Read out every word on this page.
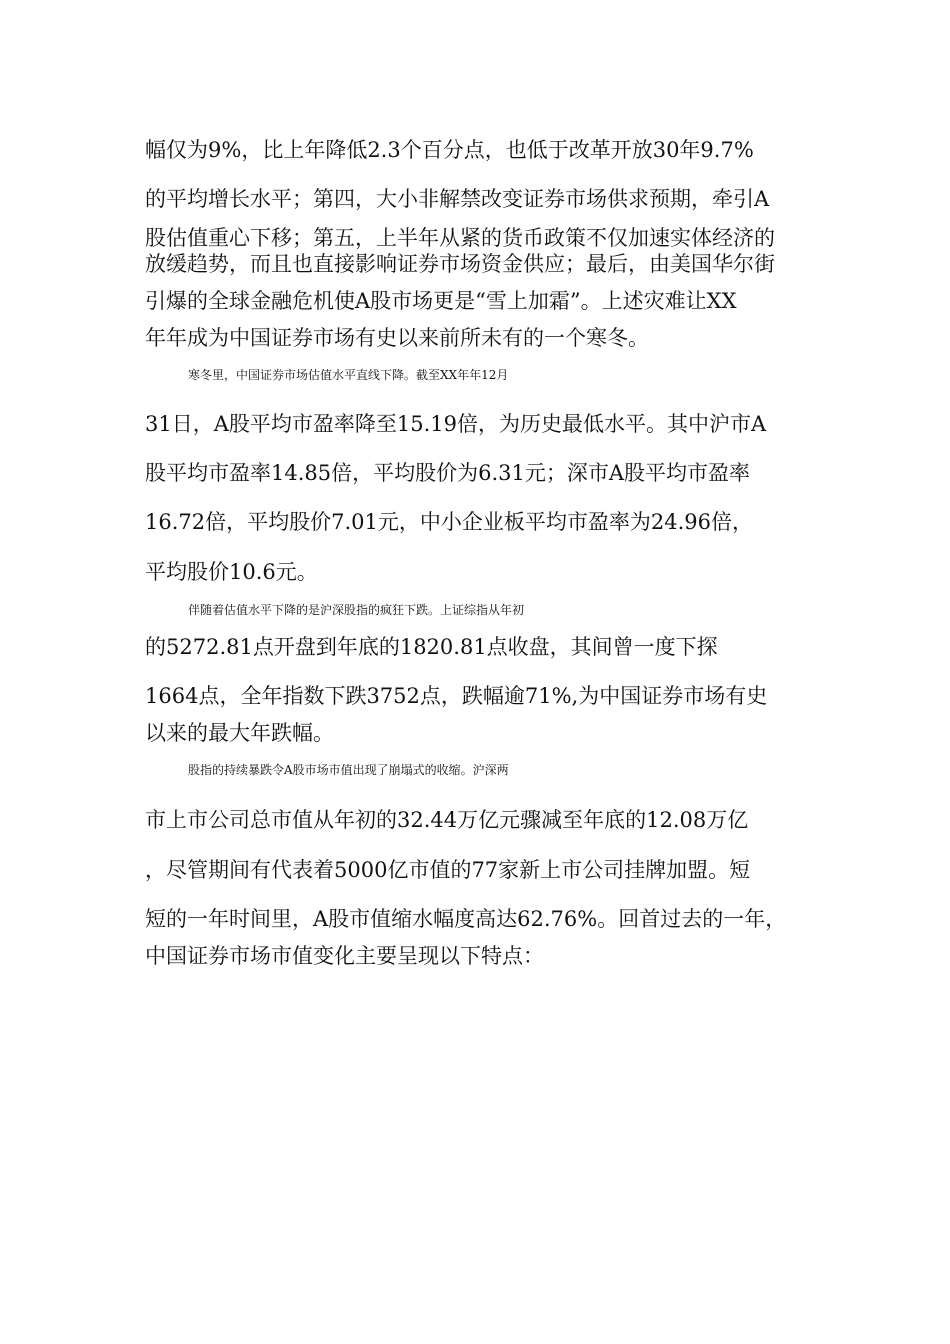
幅仅为9%，比上年降低2.3个百分点，也低于改革开放30年9.7%
的平均增长水平；第四，大小非解禁改变证券市场供求预期，牵引A
股估值重心下移；第五，上半年从紧的货币政策不仅加速实体经济的
放缓趋势，而且也直接影响证券市场资金供应；最后，由美国华尔街
引爆的全球金融危机使A股市场更是“雪上加霜”。上述灾难让XX
年年成为中国证券市场有史以来前所未有的一个寒冬。
寒冬里，中国证券市场估值水平直线下降。截至XX年年12月
31日，A股平均市盈率降至15.19倍，为历史最低水平。其中沪市A
股平均市盈率14.85倍，平均股价为6.31元；深市A股平均市盈率
16.72倍，平均股价7.01元，中小企业板平均市盈率为24.96倍，
平均股价10.6元。
伴随着估值水平下降的是沪深股指的疯狂下跌。上证综指从年初
的5272.81点开盘到年底的1820.81点收盘，其间曾一度下探
1664点，全年指数下跌3752点，跌幅逾71%,为中国证券市场有史
以来的最大年跌幅。
股指的持续暴跌令A股市场市值出现了崩塌式的收缩。沪深两
市上市公司总市值从年初的32.44万亿元骤减至年底的12.08万亿
，尽管期间有代表着5000亿市值的77家新上市公司挂牌加盟。短
短的一年时间里，A股市值缩水幅度高达62.76%。回首过去的一年，
中国证券市场市值变化主要呈现以下特点：
